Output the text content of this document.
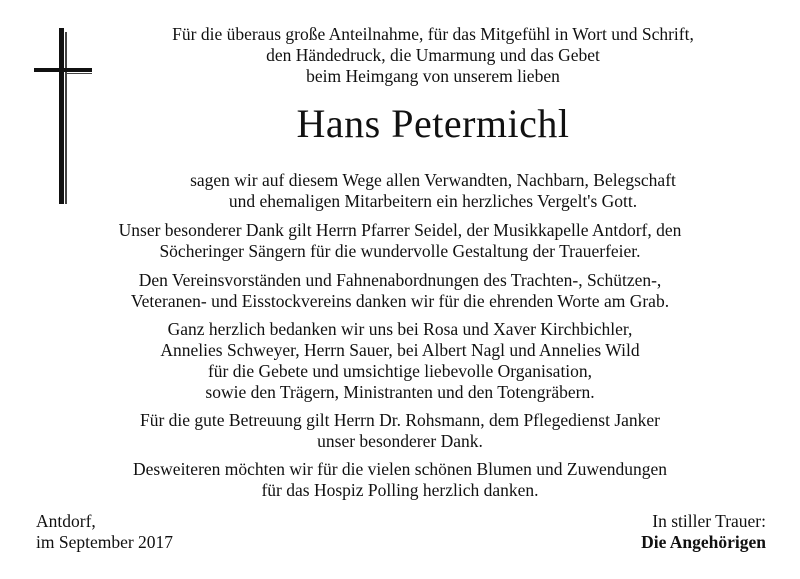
Für die überaus große Anteilnahme, für das Mitgefühl in Wort und Schrift,
den Händedruck, die Umarmung und das Gebet
beim Heimgang von unserem lieben
Hans Petermichl
sagen wir auf diesem Wege allen Verwandten, Nachbarn, Belegschaft
und ehemaligen Mitarbeitern ein herzliches Vergelt's Gott.
Unser besonderer Dank gilt Herrn Pfarrer Seidel, der Musikkapelle Antdorf, den
Söcheringer Sängern für die wundervolle Gestaltung der Trauerfeier.
Den Vereinsvorständen und Fahnenabordnungen des Trachten-, Schützen-,
Veteranen- und Eisstockvereins danken wir für die ehrenden Worte am Grab.
Ganz herzlich bedanken wir uns bei Rosa und Xaver Kirchbichler,
Annelies Schweyer, Herrn Sauer, bei Albert Nagl und Annelies Wild
für die Gebete und umsichtige liebevolle Organisation,
sowie den Trägern, Ministranten und den Totengräbern.
Für die gute Betreuung gilt Herrn Dr. Rohsmann, dem Pflegedienst Janker
unser besonderer Dank.
Desweiteren möchten wir für die vielen schönen Blumen und Zuwendungen
für das Hospiz Polling herzlich danken.
Antdorf,
im September 2017
In stiller Trauer:
Die Angehörigen
